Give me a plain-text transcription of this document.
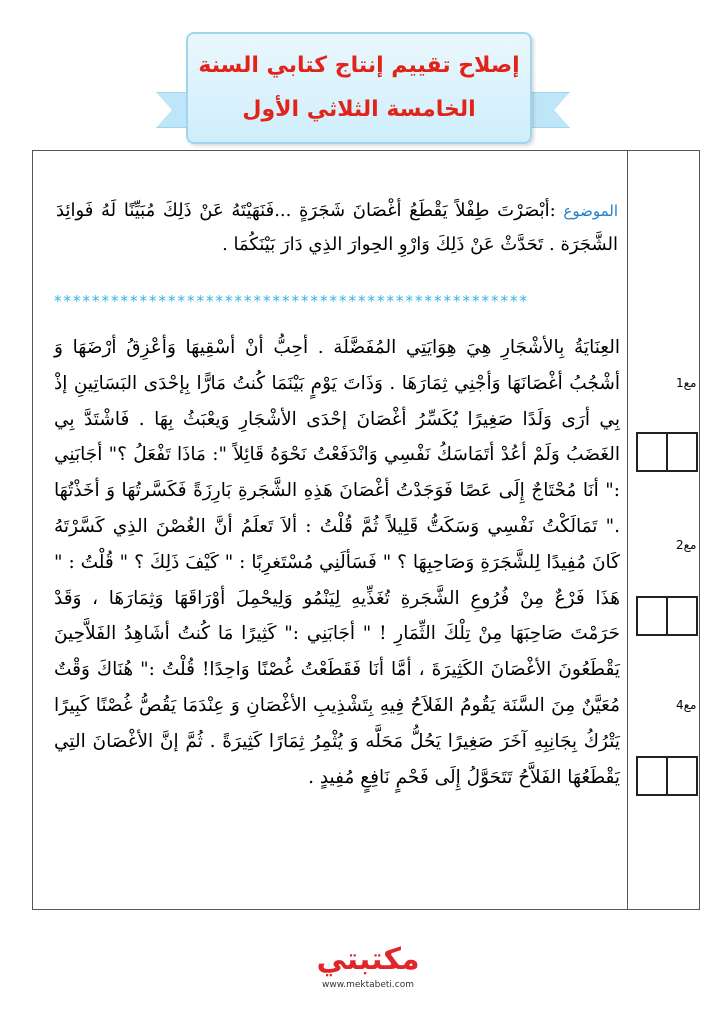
إصلاح تقييم إنتاج كتابي السنة
الخامسة الثلاثي الأول
الموضوع :أبْصَرْتَ طِفْلاً يَقْطَعُ أغْصَانَ شَجَرَةٍ ...فَنَهَيْتَهُ عَنْ ذَلِكَ مُبَيِّنًا لَهُ فَوائِدَ الشَّجَرَة . تَحَدَّثْ عَنْ ذَلِكَ وَارْوِ الحِوارَ الذِي دَارَ بَيْنَكُمَا .
**************************************************
العِنَايَةُ بِالأشْجَارِ هِيَ هِوَايَتِي المُفَضَّلَة . أحِبُّ أنْ أسْقِيهَا وَأعْزِقُ أرْضَهَا وَ أشْجُبُ أغْصَانَهَا وَأجْنِي ثِمَارَهَا . وَذَاتَ يَوْمٍ بَيْنَمَا كُنتُ مَارًّا بِإحْدَى البَسَاتِينِ إذْ بِي أرَى وَلَدًا صَغِيرًا يُكَسِّرُ أغْصَانَ إحْدَى الأشْجَارِ وَيعْبَثُ بِهَا . فَاشْتَدَّ بِي الغَضَبُ وَلَمْ أعُدْ أتَمَاسَكُ نَفْسِي وَانْدَفَعْتُ نَحْوَهُ قَائِلاً ": مَاذَا تَفْعَلُ ؟" أجَابَنِي :" أنَا مُحْتَاجٌ إِلَى عَصًا فَوَجَدْتُ أغْصَانَ هَذِهِ الشَّجَرةِ بَارِزَةً فَكَسَّرتُهَا وَ أخَذْتُهَا ." تَمَالَكْتُ نَفْسِي وَسَكَتُّ قَلِيلاً ثُمَّ قُلْتُ : ألاَ تَعلَمُ أنَّ الغُصْنَ الذِي كَسَّرْتَهُ كَانَ مُفِيدًا لِلشَّجَرَةِ وَصَاحِبِهَا ؟ " فَسَألَنِي مُسْتَغرِبًا : " كَيْفَ ذَلِكَ ؟ " قُلْتُ : " هَذَا فَرْعٌ مِنْ فُرُوعِ الشَّجَرةِ تُغَذِّيهِ لِيَنْمُو وَلِيحْمِلَ أوْرَاقَهَا وَثِمَارَهَا ، وَقَدْ حَرَمْتَ صَاحِبَهَا مِنْ تِلْكَ الثِّمَارِ ! " أجَابَنِي :" كَثِيرًا مَا كُنتُ أشَاهِدُ الفَلاَّحِينَ يَقْطَعُونَ الأغْصَانَ الكَثِيرَةَ ، أمَّا أنَا فَقَطَعْتُ غُصْنًا وَاحِدًا! قُلْتُ :" هُنَاكَ وَقْتٌ مُعَيَّنٌ مِنَ السَّنَة يَقُومُ الفَلاَحُ فِيهِ بِتَشْذِيبِ الأغْصَانِ وَ عِنْدَمَا يَقُصُّ غُصْنًا كَبِيرًا يَتْرُكُ بِجَانِبِهِ آخَرَ صَغِيرًا يَحُلُّ مَحَلَّه وَ يُثْمِرُ ثِمَارًا كَثِيرَةً . ثُمَّ إنَّ الأغْصَانَ التِي يَقْطَعُهَا الفَلاَّحُ تَتَحَوَّلُ إِلَى فَحْمٍ نَافِعٍ مُفِيدٍ .
مع1
مع2
مع4
مكتبتي
www.mektabeti.com
